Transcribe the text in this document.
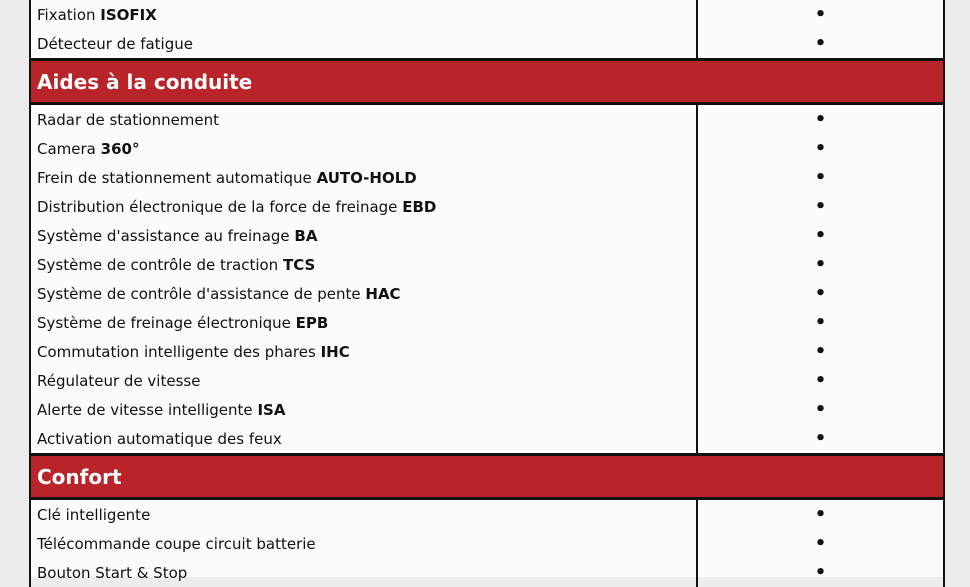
Fixation ISOFIX	•
Détecteur de fatigue	•
Aides à la conduite	
Radar de stationnement	•
Camera 360°	•
Frein de stationnement automatique AUTO-HOLD	•
Distribution électronique de la force de freinage EBD	•
Système d'assistance au freinage BA	•
Système de contrôle de traction TCS	•
Système de contrôle d'assistance de pente HAC	•
Système de freinage électronique EPB	•
Commutation intelligente des phares IHC	•
Régulateur de vitesse	•
Alerte de vitesse intelligente ISA	•
Activation automatique des feux	•
Confort	
Clé intelligente	•
Télécommande coupe circuit batterie	•
Bouton Start & Stop	•
